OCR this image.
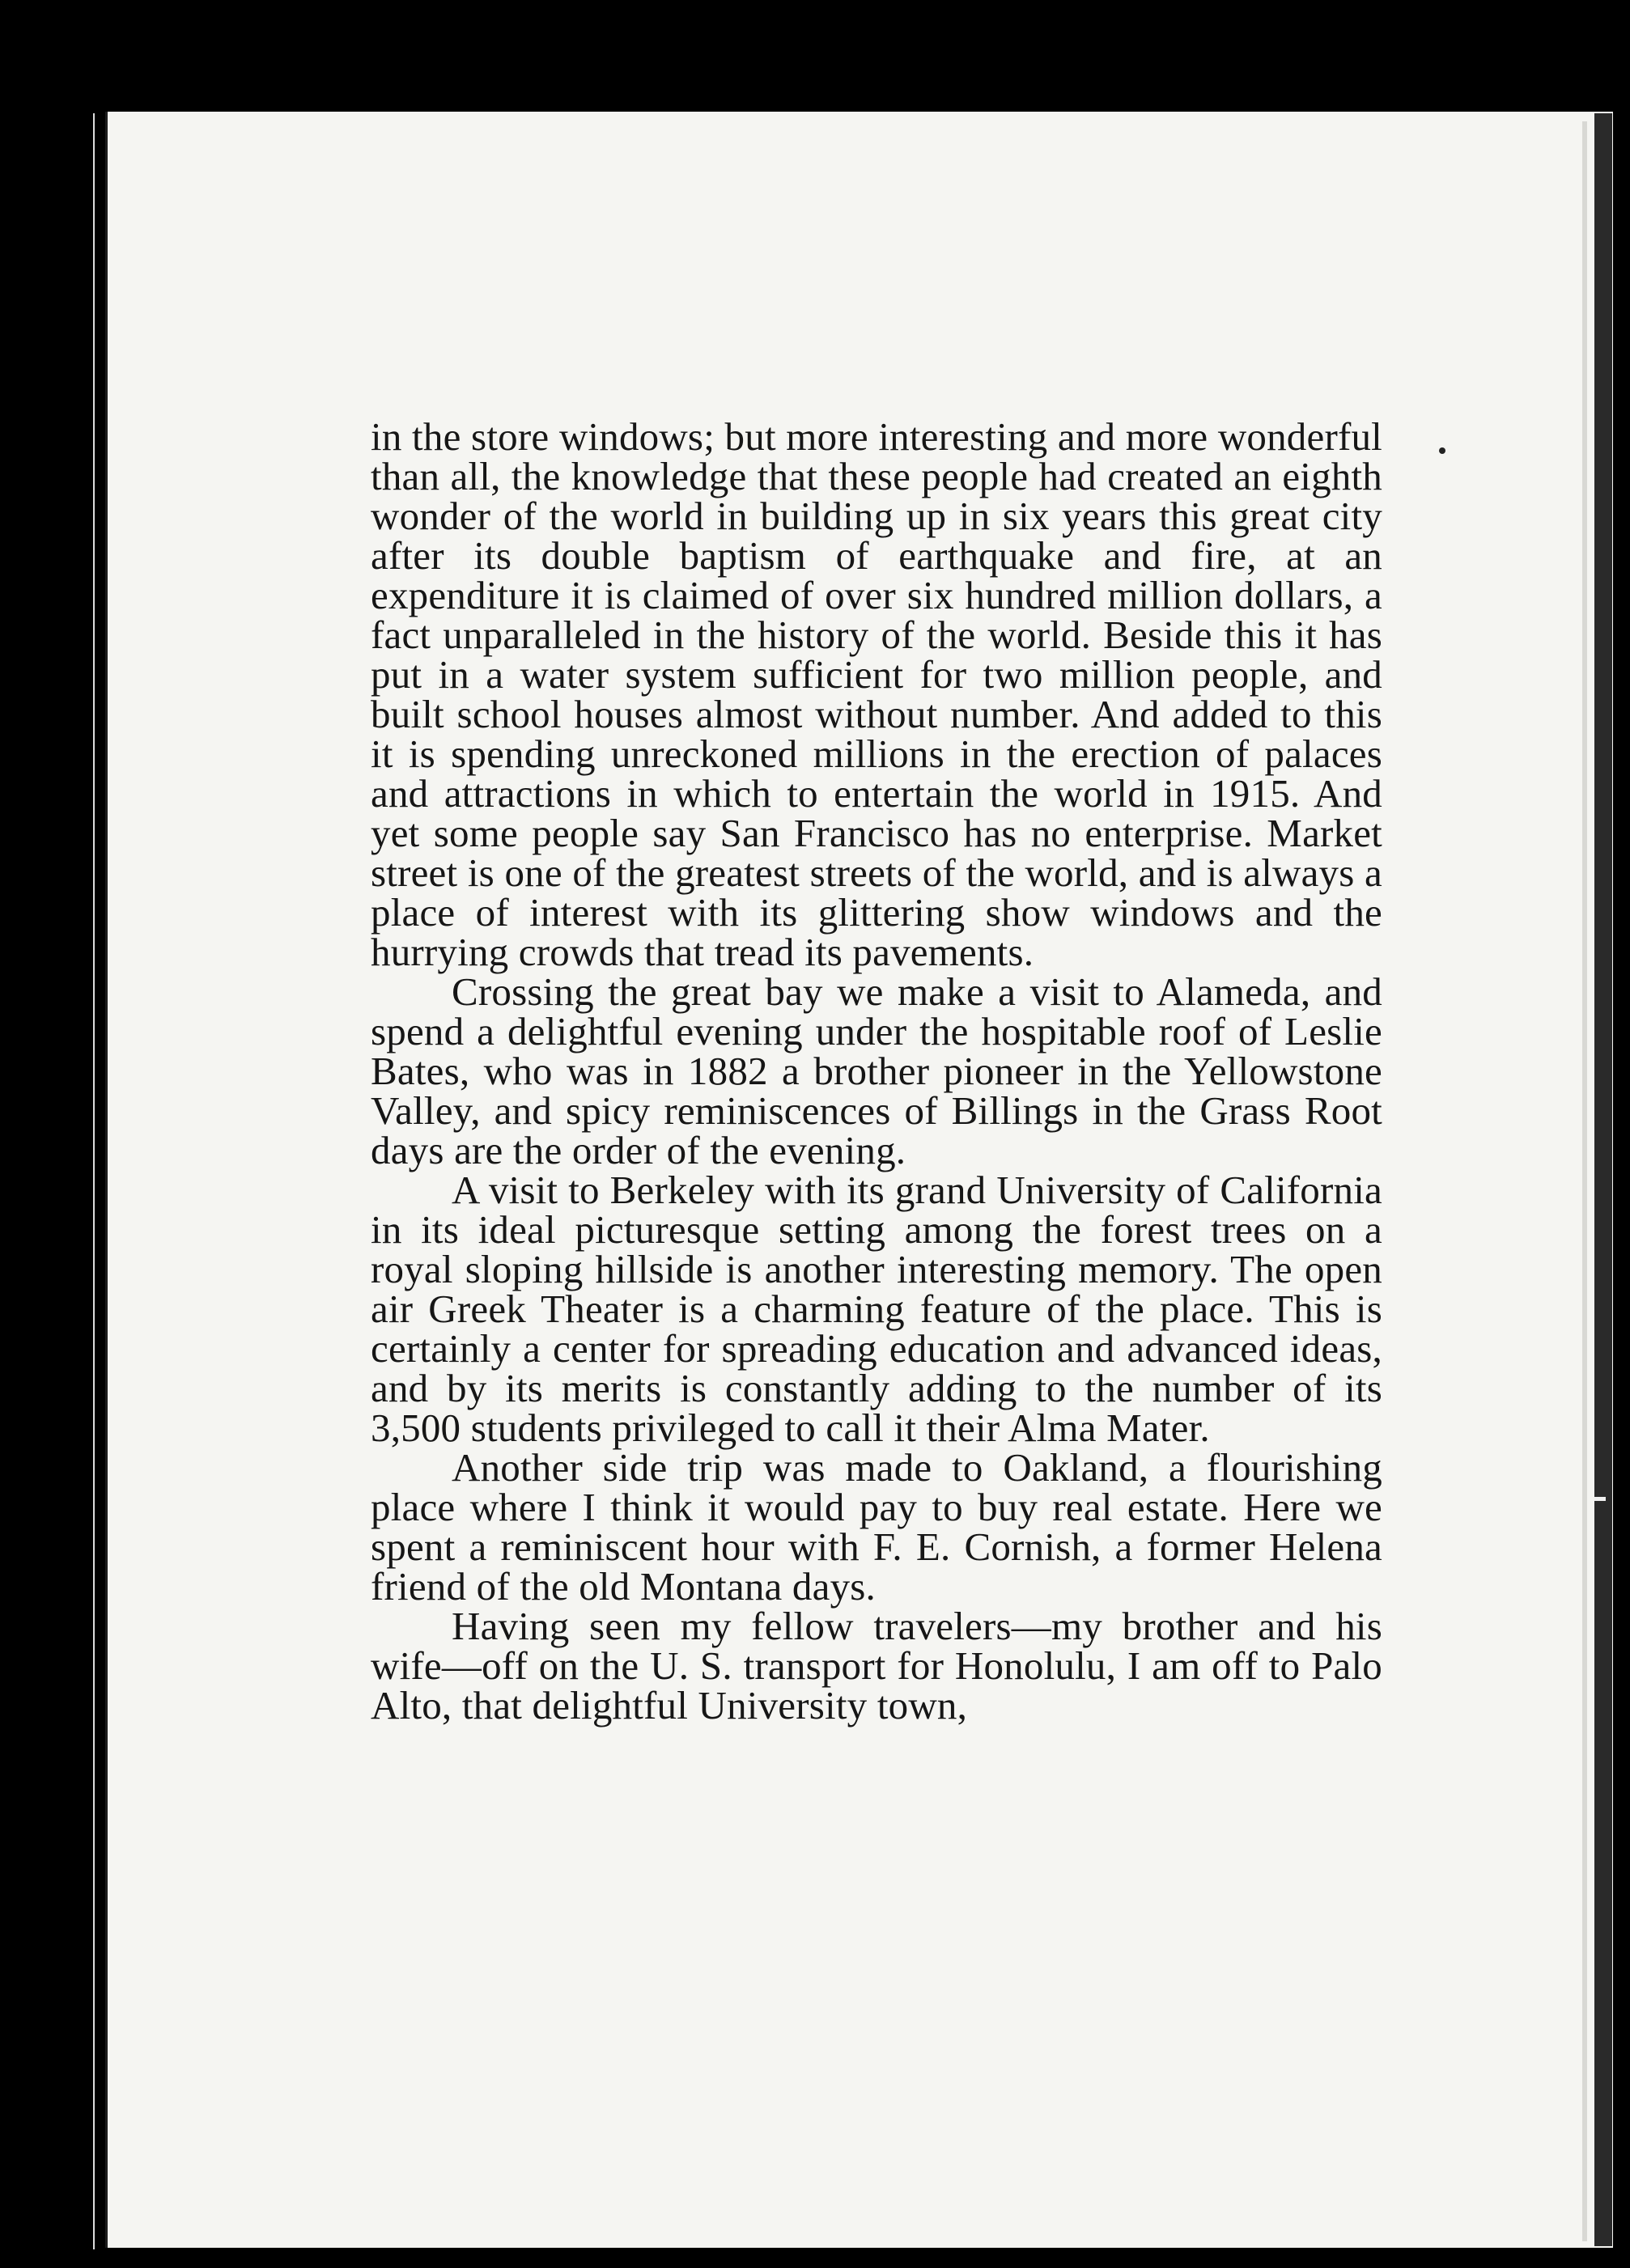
in the store windows; but more interesting and more wonderful than all, the knowledge that these people had created an eighth wonder of the world in building up in six years this great city after its double baptism of earthquake and fire, at an expenditure it is claimed of over six hundred million dollars, a fact unparalleled in the history of the world. Beside this it has put in a water system sufficient for two million people, and built school houses almost without number. And added to this it is spending unreckoned millions in the erection of palaces and attractions in which to entertain the world in 1915. And yet some people say San Francisco has no enterprise. Market street is one of the greatest streets of the world, and is always a place of interest with its glittering show windows and the hurrying crowds that tread its pavements.

Crossing the great bay we make a visit to Alameda, and spend a delightful evening under the hospitable roof of Leslie Bates, who was in 1882 a brother pioneer in the Yellowstone Valley, and spicy reminiscences of Billings in the Grass Root days are the order of the evening.

A visit to Berkeley with its grand University of California in its ideal picturesque setting among the forest trees on a royal sloping hillside is another interesting memory. The open air Greek Theater is a charming feature of the place. This is certainly a center for spreading education and advanced ideas, and by its merits is constantly adding to the number of its 3,500 students privileged to call it their Alma Mater.

Another side trip was made to Oakland, a flourishing place where I think it would pay to buy real estate. Here we spent a reminiscent hour with F. E. Cornish, a former Helena friend of the old Montana days.

Having seen my fellow travelers—my brother and his wife—off on the U. S. transport for Honolulu, I am off to Palo Alto, that delightful University town,
